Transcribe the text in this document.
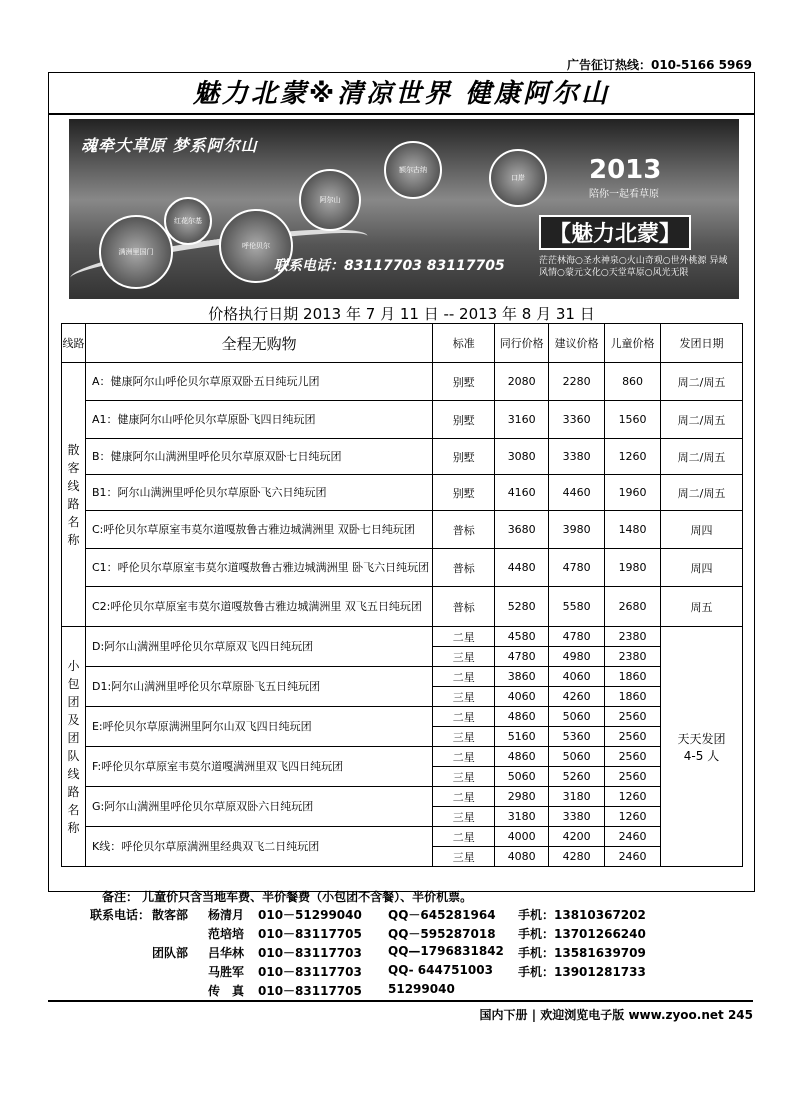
广告征订热线：010-5166 5969
魅力北蒙※清凉世界 健康阿尔山
魂牵大草原 梦系阿尔山
满洲里国门
红花尔基
呼伦贝尔
阿尔山
额尔古纳
口岸	2013
陪你一起看草原
【魅力北蒙】
联系电话：83117703 83117705	茫茫林海○圣水神泉○火山奇观○世外桃源 异域风情○蒙元文化○天堂草原○风光无限
价格执行日期 2013 年 7 月 11 日 -- 2013 年 8 月 31 日
线路	全程无购物	标准	同行价格	建议价格	儿童价格	发团日期
散客线路名称	A：健康阿尔山呼伦贝尔草原双卧五日纯玩儿团	别墅	2080	2280	860	周二/周五
	A1：健康阿尔山呼伦贝尔草原卧飞四日纯玩团	别墅	3160	3360	1560	周二/周五
	B：健康阿尔山满洲里呼伦贝尔草原双卧七日纯玩团	别墅	3080	3380	1260	周二/周五
	B1：阿尔山满洲里呼伦贝尔草原卧飞六日纯玩团	别墅	4160	4460	1960	周二/周五
	C:呼伦贝尔草原室韦莫尔道嘎敖鲁古雅边城满洲里 双卧七日纯玩团	普标	3680	3980	1480	周四
	C1：呼伦贝尔草原室韦莫尔道嘎敖鲁古雅边城满洲里 卧飞六日纯玩团	普标	4480	4780	1980	周四
	C2:呼伦贝尔草原室韦莫尔道嘎敖鲁古雅边城满洲里 双飞五日纯玩团	普标	5280	5580	2680	周五
小包团及团队线路名称	D:阿尔山满洲里呼伦贝尔草原双飞四日纯玩团	二星	4580	4780	2380	天天发团 4-5 人
		三星	4780	4980	2380	
	D1:阿尔山满洲里呼伦贝尔草原卧飞五日纯玩团	二星	3860	4060	1860	
		三星	4060	4260	1860	
	E:呼伦贝尔草原满洲里阿尔山双飞四日纯玩团	二星	4860	5060	2560	
		三星	5160	5360	2560	
	F:呼伦贝尔草原室韦莫尔道嘎满洲里双飞四日纯玩团	二星	4860	5060	2560	
		三星	5060	5260	2560	
	G:阿尔山满洲里呼伦贝尔草原双卧六日纯玩团	二星	2980	3180	1260	
		三星	3180	3380	1260	
	K线：呼伦贝尔草原满洲里经典双飞二日纯玩团	二星	4000	4200	2460	
		三星	4080	4280	2460	
备注： 儿童价只含当地车费、半价餐费（小包团不含餐）、半价机票。
联系电话： 散客部 杨清月 010－51299040 QQ－645281964 手机：13810367202
范培培 010－83117705 QQ－595287018 手机：13701266240
团队部 吕华林 010－83117703 QQ—1796831842 手机：13581639709
马胜军 010－83117703 QQ- 644751003 手机：13901281733
传　真 010－83117705 51299040
国内下册 | 欢迎浏览电子版 www.zyoo.net 245
